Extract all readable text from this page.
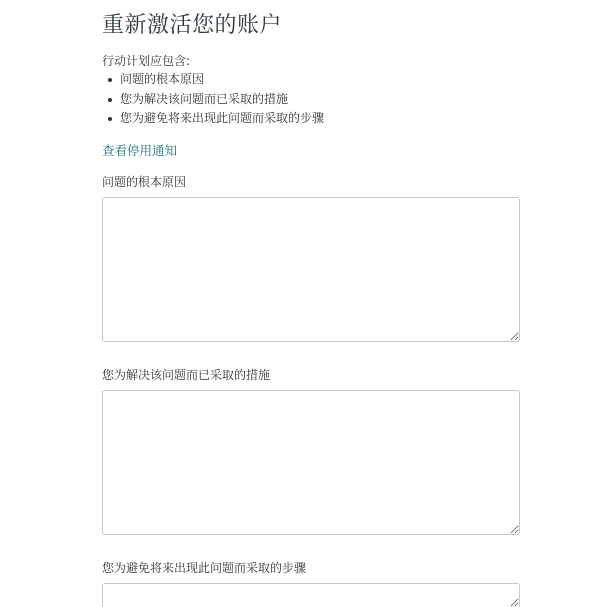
重新激活您的账户
行动计划应包含:
问题的根本原因
您为解决该问题而已采取的措施
您为避免将来出现此问题而采取的步骤
查看停用通知
问题的根本原因
您为解决该问题而已采取的措施
您为避免将来出现此问题而采取的步骤
